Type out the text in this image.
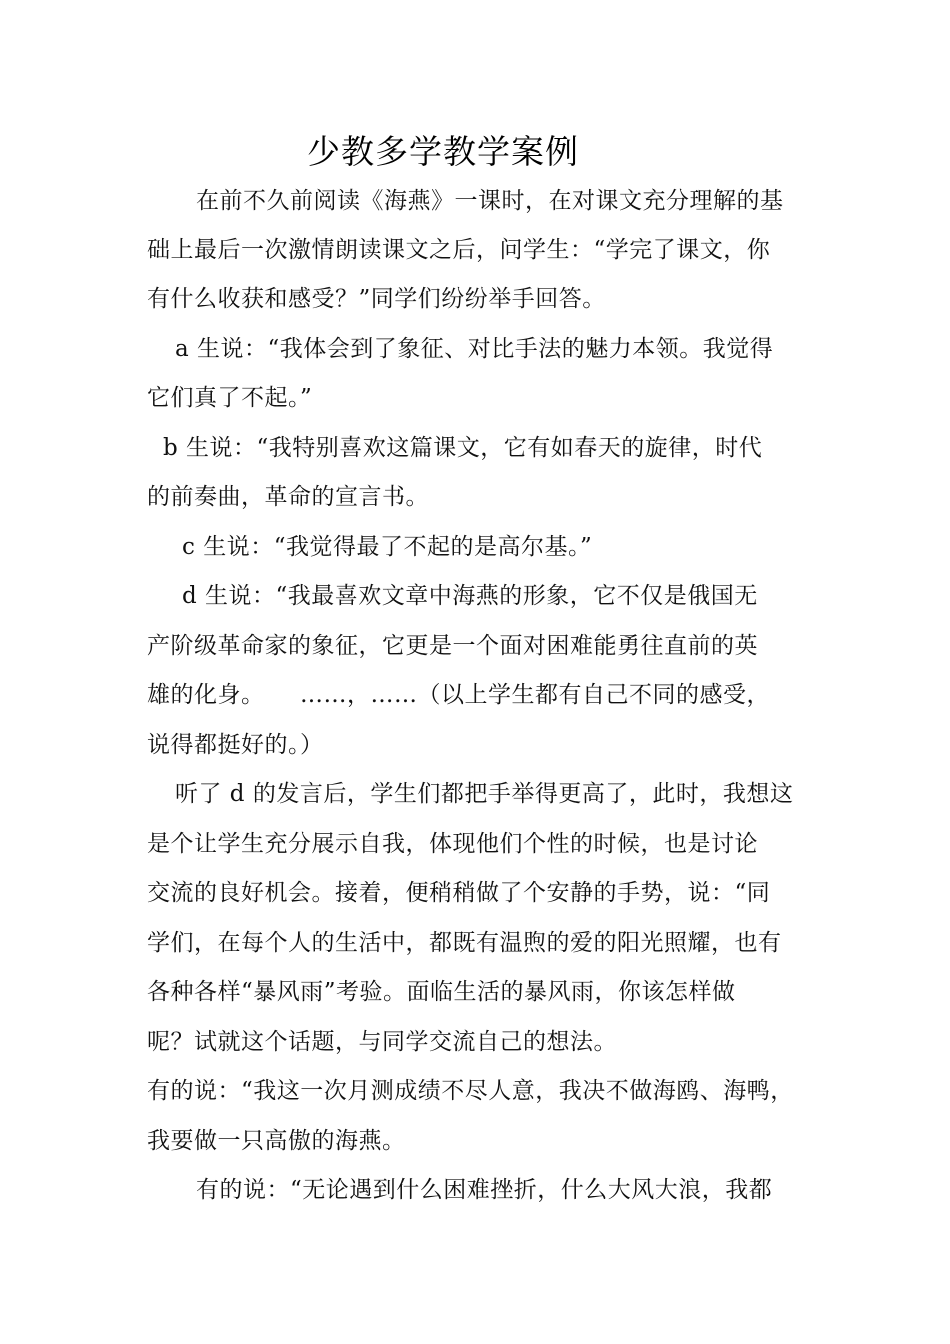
少教多学教学案例
在前不久前阅读《海燕》一课时，在对课文充分理解的基
础上最后一次激情朗读课文之后，问学生：“学完了课文，你
有什么收获和感受？”同学们纷纷举手回答。
a 生说：“我体会到了象征、对比手法的魅力本领。我觉得
它们真了不起。”
b 生说：“我特别喜欢这篇课文，它有如春天的旋律，时代
的前奏曲，革命的宣言书。
c 生说：“我觉得最了不起的是高尔基。”
d 生说：“我最喜欢文章中海燕的形象，它不仅是俄国无
产阶级革命家的象征，它更是一个面对困难能勇往直前的英
雄的化身。　　……，……（以上学生都有自己不同的感受，
说得都挺好的。）
听了 d 的发言后，学生们都把手举得更高了，此时，我想这
是个让学生充分展示自我，体现他们个性的时候，也是讨论
交流的良好机会。接着，便稍稍做了个安静的手势，说：“同
学们，在每个人的生活中，都既有温煦的爱的阳光照耀，也有
各种各样“暴风雨”考验。面临生活的暴风雨，你该怎样做
呢？试就这个话题，与同学交流自己的想法。
有的说：“我这一次月测成绩不尽人意，我决不做海鸥、海鸭，
我要做一只高傲的海燕。
有的说：“无论遇到什么困难挫折，什么大风大浪，我都
